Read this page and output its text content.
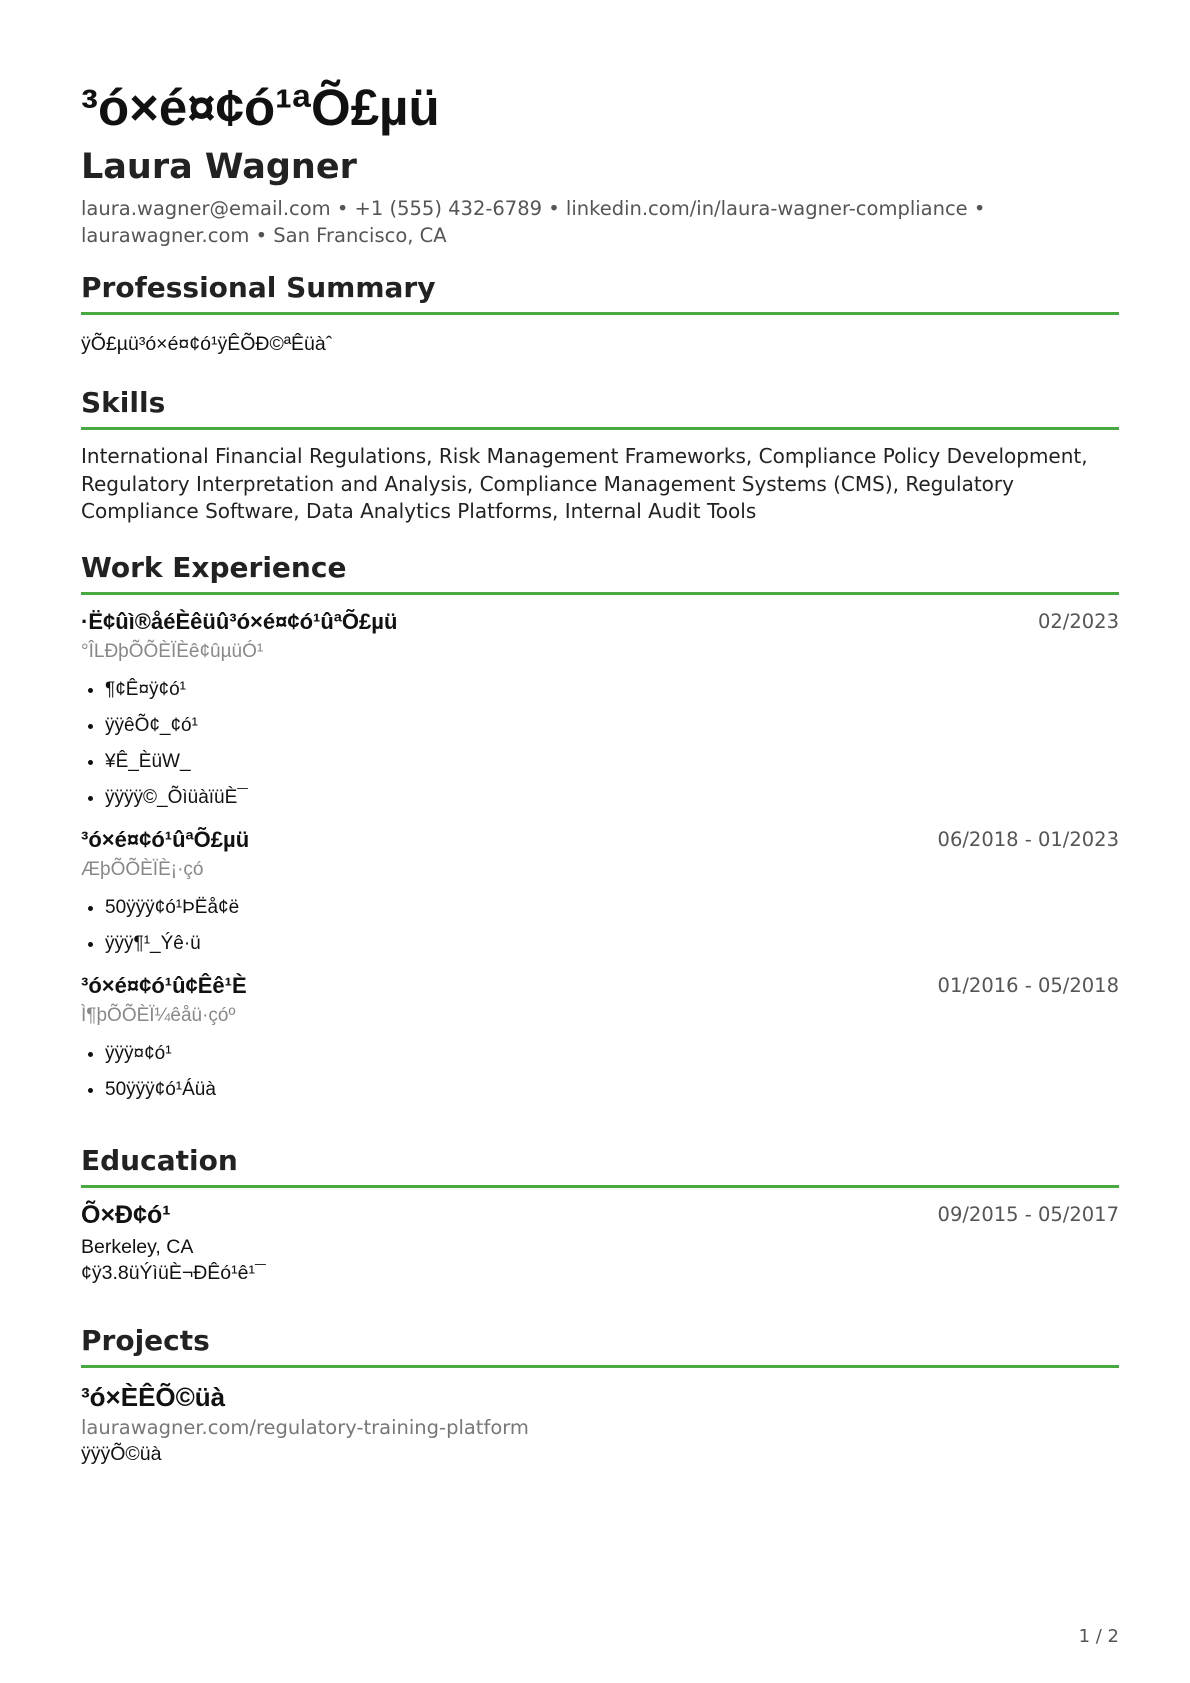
³ó×é¤¢ó¹ªÕ£µü
Laura Wagner
laura.wagner@email.com • +1 (555) 432-6789 • linkedin.com/in/laura-wagner-compliance • laurawagner.com • San Francisco, CA
Professional Summary
ÿÕ£µü³ó×é¤¢ó¹ÿÊÕÐ©ªÊüàˆ
Skills
International Financial Regulations, Risk Management Frameworks, Compliance Policy Development, Regulatory Interpretation and Analysis, Compliance Management Systems (CMS), Regulatory Compliance Software, Data Analytics Platforms, Internal Audit Tools
Work Experience
·Ë¢ûì®åéÈêüû³ó×é¤¢ó¹ûªÕ£µü	02/2023
°ÎLÐþÕÕÈÏÈê¢ûµüÓ¹
• ¶¢Ê¤ÿ¢ó¹
• ÿÿêÕ¢_¢ó¹
• ¥Ê_ÈüW_
• ÿÿÿÿ©_ÕìüàïüÈ¯
³ó×é¤¢ó¹ûªÕ£µü	06/2018 - 01/2023
ÆþÕÕÈÏÈ¡·çó
• 50ÿÿÿ¢ó¹ÞËå¢ë
• ÿÿÿ¶¹_Ýê·ü
³ó×é¤¢ó¹û¢Êê¹È	01/2016 - 05/2018
Ì¶þÕÕÈÏ¼êåü·çóº
• ÿÿÿ¤¢ó¹
• 50ÿÿÿ¢ó¹Áüà
Education
Õ×Ð¢ó¹	09/2015 - 05/2017
Berkeley, CA
¢ÿ3.8üÝìüÈ¬ÐÊó¹ê¹¯
Projects
³ó×ÈÊÕ©üà
laurawagner.com/regulatory-training-platform
ÿÿÿÕ©üà
1 / 2
